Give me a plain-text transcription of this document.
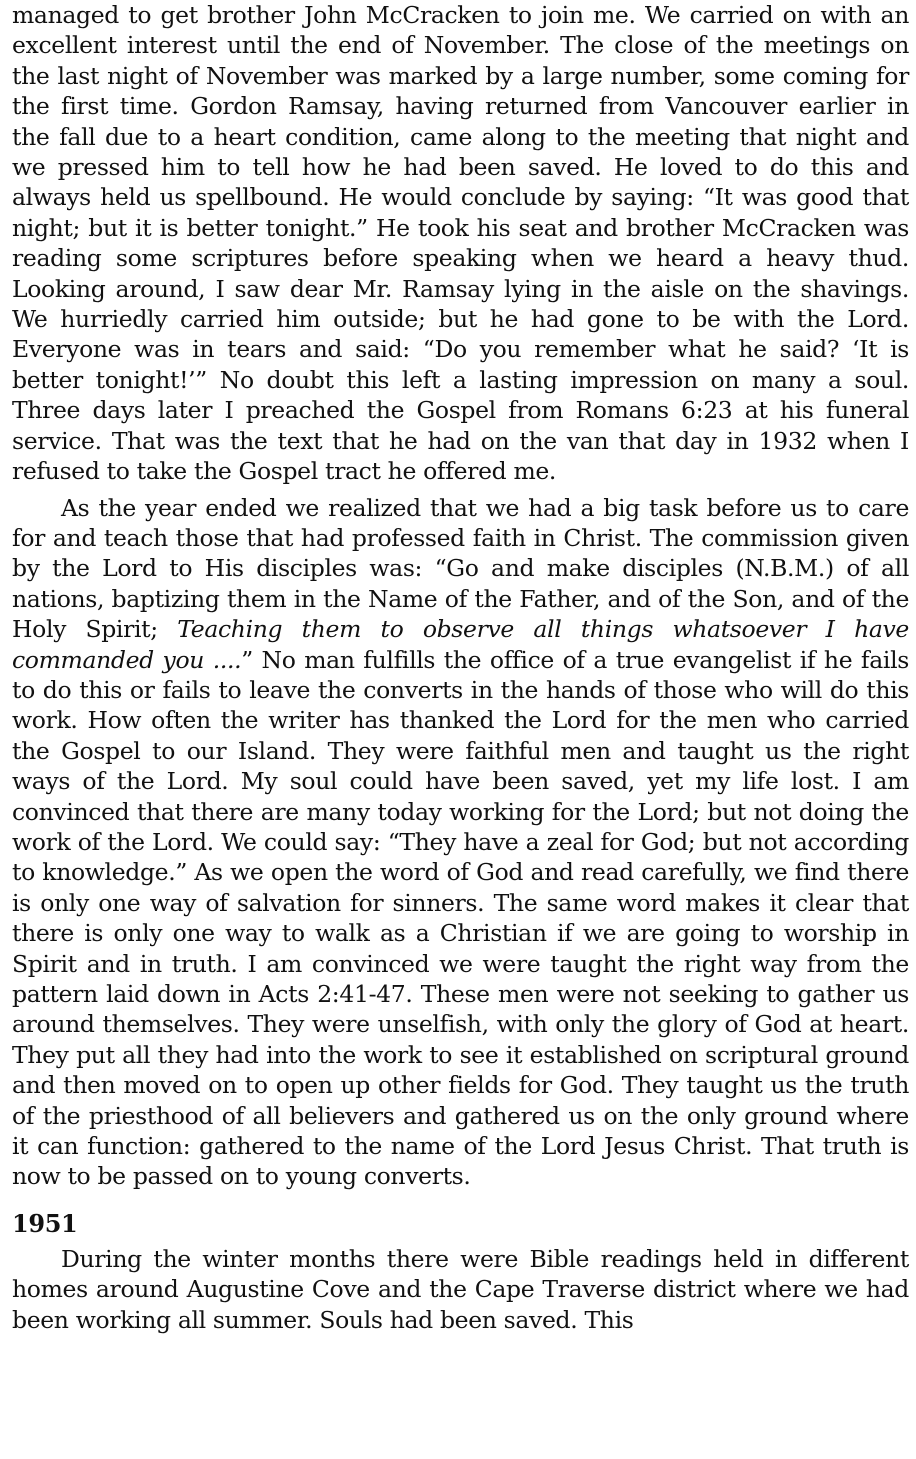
managed to get brother John McCracken to join me. We carried on with an excellent interest until the end of November. The close of the meetings on the last night of November was marked by a large number, some coming for the first time. Gordon Ramsay, having returned from Vancouver earlier in the fall due to a heart condition, came along to the meeting that night and we pressed him to tell how he had been saved. He loved to do this and always held us spellbound. He would conclude by saying: “It was good that night; but it is better tonight.” He took his seat and brother McCracken was reading some scriptures before speaking when we heard a heavy thud. Looking around, I saw dear Mr. Ramsay lying in the aisle on the shavings. We hurriedly carried him outside; but he had gone to be with the Lord. Everyone was in tears and said: “Do you remember what he said? ‘It is better tonight!’” No doubt this left a lasting impression on many a soul. Three days later I preached the Gospel from Romans 6:23 at his funeral service. That was the text that he had on the van that day in 1932 when I refused to take the Gospel tract he offered me.

As the year ended we realized that we had a big task before us to care for and teach those that had professed faith in Christ. The commission given by the Lord to His disciples was: “Go and make disciples (N.B.M.) of all nations, baptizing them in the Name of the Father, and of the Son, and of the Holy Spirit; Teaching them to observe all things whatsoever I have commanded you ....” No man fulfills the office of a true evangelist if he fails to do this or fails to leave the converts in the hands of those who will do this work. How often the writer has thanked the Lord for the men who carried the Gospel to our Island. They were faithful men and taught us the right ways of the Lord. My soul could have been saved, yet my life lost. I am convinced that there are many today working for the Lord; but not doing the work of the Lord. We could say: “They have a zeal for God; but not according to knowledge.” As we open the word of God and read carefully, we find there is only one way of salvation for sinners. The same word makes it clear that there is only one way to walk as a Christian if we are going to worship in Spirit and in truth. I am convinced we were taught the right way from the pattern laid down in Acts 2:41-47. These men were not seeking to gather us around themselves. They were unselfish, with only the glory of God at heart. They put all they had into the work to see it established on scriptural ground and then moved on to open up other fields for God. They taught us the truth of the priesthood of all believers and gathered us on the only ground where it can function: gathered to the name of the Lord Jesus Christ. That truth is now to be passed on to young converts.

1951

During the winter months there were Bible readings held in different homes around Augustine Cove and the Cape Traverse district where we had been working all summer. Souls had been saved. This
